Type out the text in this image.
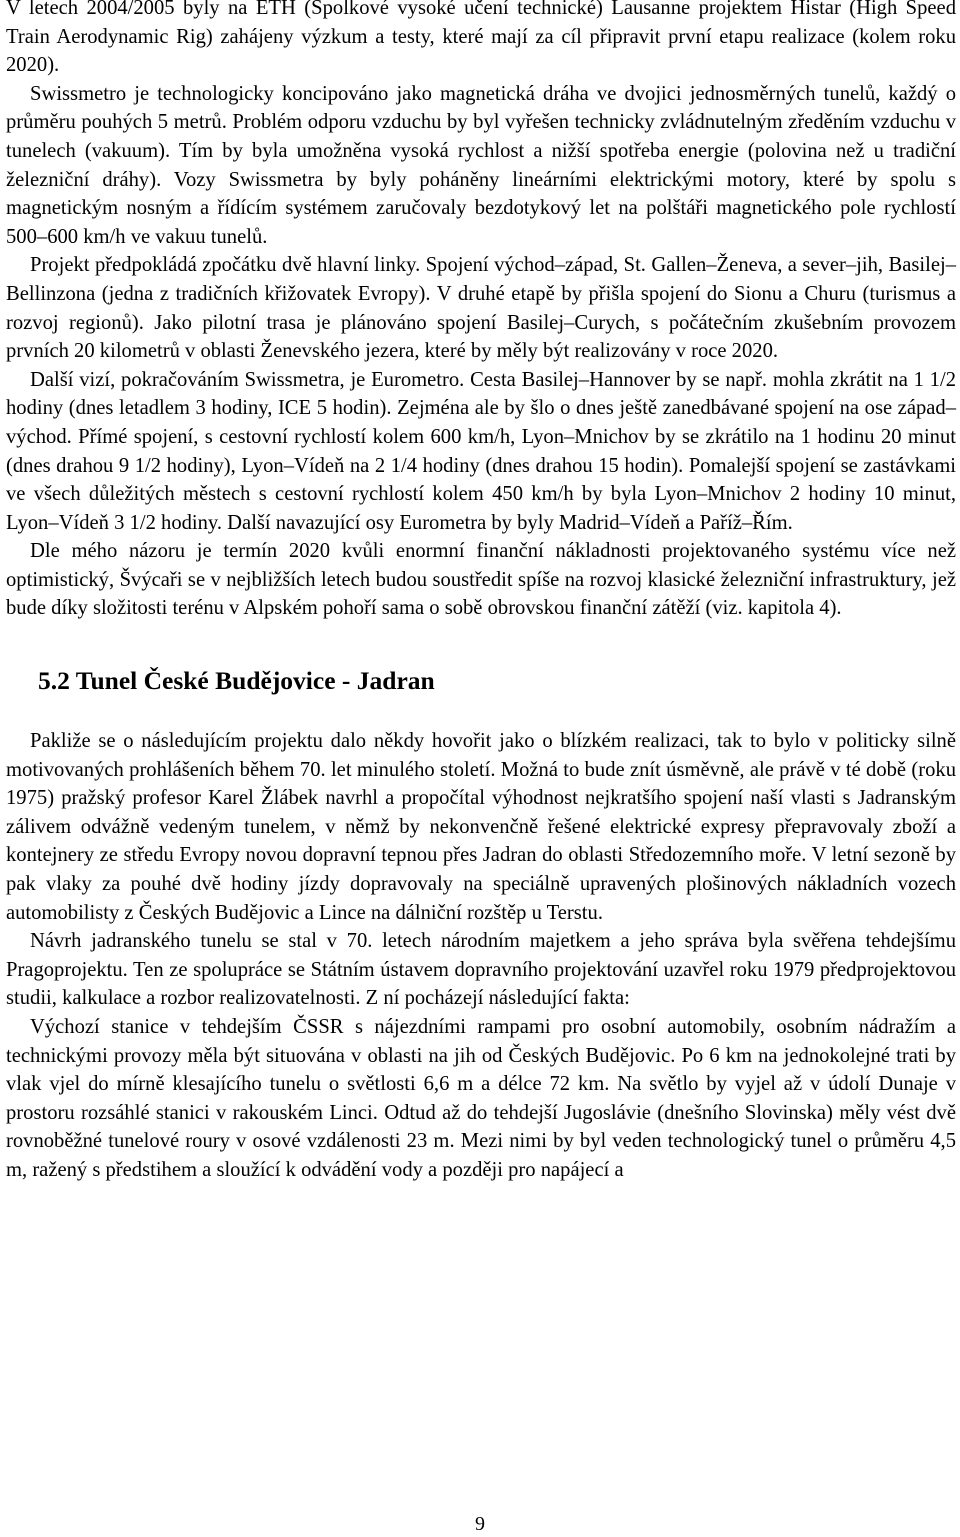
V letech 2004/2005 byly na ETH (Spolkové vysoké učení technické) Lausanne projektem Histar (High Speed Train Aerodynamic Rig) zahájeny výzkum a testy, které mají za cíl připravit první etapu realizace (kolem roku 2020).

Swissmetro je technologicky koncipováno jako magnetická dráha ve dvojici jednosměrných tunelů, každý o průměru pouhých 5 metrů. Problém odporu vzduchu by byl vyřešen technicky zvládnutelným zředěním vzduchu v tunelech (vakuum). Tím by byla umožněna vysoká rychlost a nižší spotřeba energie (polovina než u tradiční železniční dráhy). Vozy Swissmetra by byly poháněny lineárními elektrickými motory, které by spolu s magnetickým nosným a řídícím systémem zaručovaly bezdotykový let na polštáři magnetického pole rychlostí 500–600 km/h ve vakuu tunelů.

Projekt předpokládá zpočátku dvě hlavní linky. Spojení východ–západ, St. Gallen–Ženeva, a sever–jih, Basilej–Bellinzona (jedna z tradičních křižovatek Evropy). V druhé etapě by přišla spojení do Sionu a Churu (turismus a rozvoj regionů). Jako pilotní trasa je plánováno spojení Basilej–Curych, s počátečním zkušebním provozem prvních 20 kilometrů v oblasti Ženevského jezera, které by měly být realizovány v roce 2020.

Další vizí, pokračováním Swissmetra, je Eurometro. Cesta Basilej–Hannover by se např. mohla zkrátit na 1 1/2 hodiny (dnes letadlem 3 hodiny, ICE 5 hodin). Zejména ale by šlo o dnes ještě zanedbávané spojení na ose západ–východ. Přímé spojení, s cestovní rychlostí kolem 600 km/h, Lyon–Mnichov by se zkrátilo na 1 hodinu 20 minut (dnes drahou 9 1/2 hodiny), Lyon–Vídeň na 2 1/4 hodiny (dnes drahou 15 hodin). Pomalejší spojení se zastávkami ve všech důležitých městech s cestovní rychlostí kolem 450 km/h by byla Lyon–Mnichov 2 hodiny 10 minut, Lyon–Vídeň 3 1/2 hodiny. Další navazující osy Eurometra by byly Madrid–Vídeň a Paříž–Řím.

Dle mého názoru je termín 2020 kvůli enormní finanční nákladnosti projektovaného systému více než optimistický, Švýcaři se v nejbližších letech budou soustředit spíše na rozvoj klasické železniční infrastruktury, jež bude díky složitosti terénu v Alpském pohoří sama o sobě obrovskou finanční zátěží (viz. kapitola 4).

5.2 Tunel České Budějovice - Jadran

Pakliže se o následujícím projektu dalo někdy hovořit jako o blízkém realizaci, tak to bylo v politicky silně motivovaných prohlášeních během 70. let minulého století. Možná to bude znít úsměvně, ale právě v té době (roku 1975) pražský profesor Karel Žlábek navrhl a propočítal výhodnost nejkratšího spojení naší vlasti s Jadranským zálivem odvážně vedeným tunelem, v němž by nekonvenčně řešené elektrické expresy přepravovaly zboží a kontejnery ze středu Evropy novou dopravní tepnou přes Jadran do oblasti Středozemního moře. V letní sezoně by pak vlaky za pouhé dvě hodiny jízdy dopravovaly na speciálně upravených plošinových nákladních vozech automobilisty z Českých Budějovic a Lince na dálniční rozštěp u Terstu.

Návrh jadranského tunelu se stal v 70. letech národním majetkem a jeho správa byla svěřena tehdejšímu Pragoprojektu. Ten ze spolupráce se Státním ústavem dopravního projektování uzavřel roku 1979 předprojektovou studii, kalkulace a rozbor realizovatelnosti. Z ní pocházejí následující fakta:

Výchozí stanice v tehdejším ČSSR s nájezdními rampami pro osobní automobily, osobním nádražím a technickými provozy měla být situována v oblasti na jih od Českých Budějovic. Po 6 km na jednokolejné trati by vlak vjel do mírně klesajícího tunelu o světlosti 6,6 m a délce 72 km. Na světlo by vyjel až v údolí Dunaje v prostoru rozsáhlé stanici v rakouském Linci. Odtud až do tehdejší Jugoslávie (dnešního Slovinska) měly vést dvě rovnoběžné tunelové roury v osové vzdálenosti 23 m. Mezi nimi by byl veden technologický tunel o průměru 4,5 m, ražený s předstihem a sloužící k odvádění vody a později pro napájecí a

9
